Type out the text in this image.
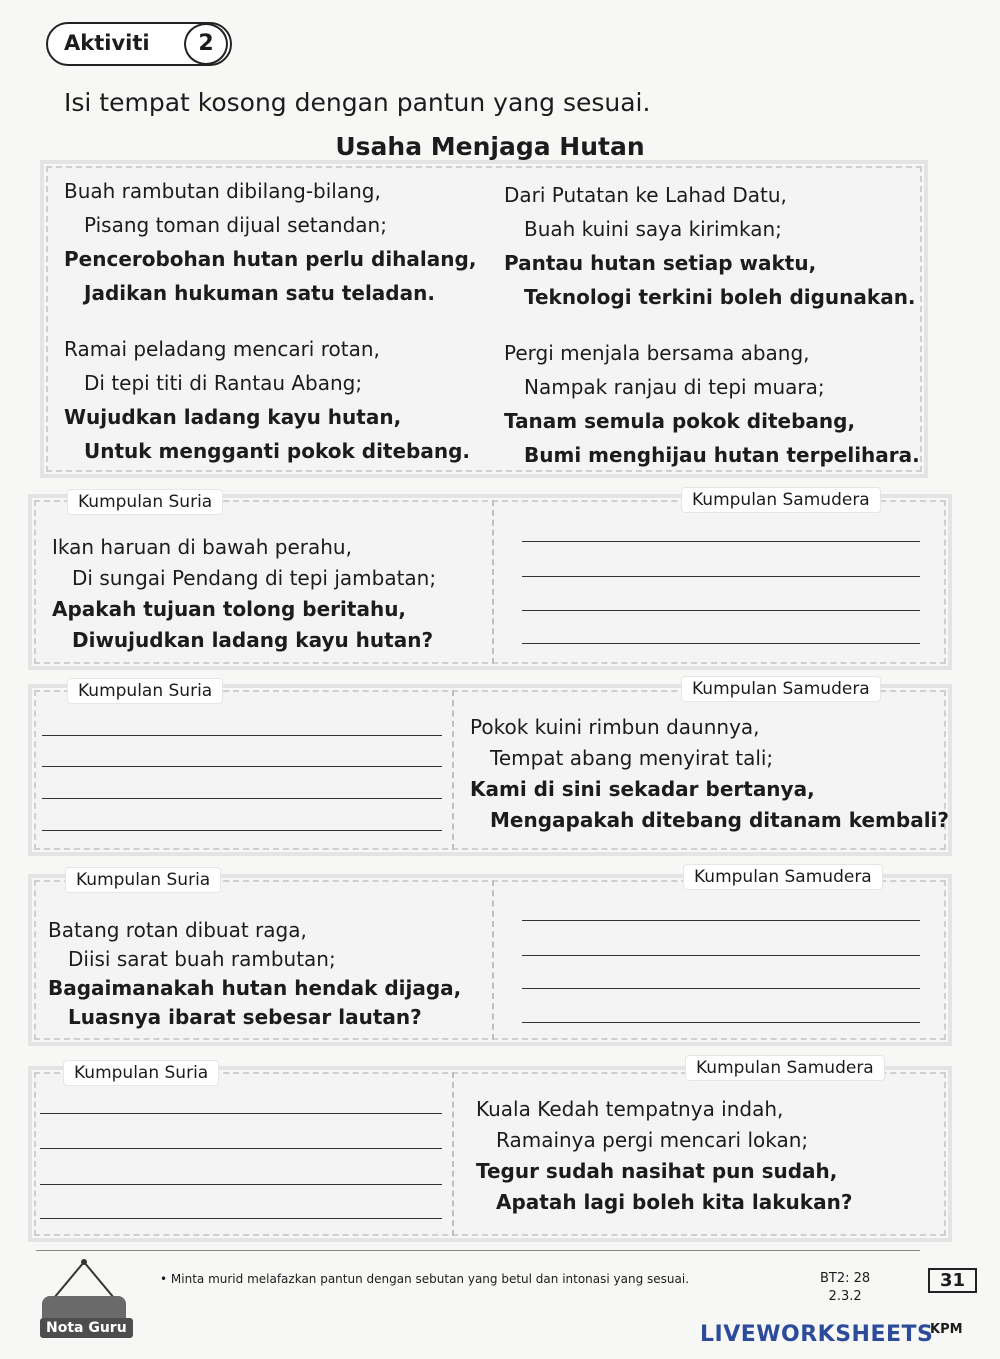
Aktiviti	2
Isi tempat kosong dengan pantun yang sesuai.
Usaha Menjaga Hutan
Buah rambutan dibilang-bilang,
Pisang toman dijual setandan;
Pencerobohan hutan perlu dihalang,
Jadikan hukuman satu teladan.
Dari Putatan ke Lahad Datu,
Buah kuini saya kirimkan;
Pantau hutan setiap waktu,
Teknologi terkini boleh digunakan.
Ramai peladang mencari rotan,
Di tepi titi di Rantau Abang;
Wujudkan ladang kayu hutan,
Untuk mengganti pokok ditebang.
Pergi menjala bersama abang,
Nampak ranjau di tepi muara;
Tanam semula pokok ditebang,
Bumi menghijau hutan terpelihara.
Kumpulan Suria	Kumpulan Samudera
Ikan haruan di bawah perahu,
Di sungai Pendang di tepi jambatan;
Apakah tujuan tolong beritahu,
Diwujudkan ladang kayu hutan?
Kumpulan Suria	Kumpulan Samudera
Pokok kuini rimbun daunnya,
Tempat abang menyirat tali;
Kami di sini sekadar bertanya,
Mengapakah ditebang ditanam kembali?
Kumpulan Suria	Kumpulan Samudera
Batang rotan dibuat raga,
Diisi sarat buah rambutan;
Bagaimanakah hutan hendak dijaga,
Luasnya ibarat sebesar lautan?
Kumpulan Suria	Kumpulan Samudera
Kuala Kedah tempatnya indah,
Ramainya pergi mencari lokan;
Tegur sudah nasihat pun sudah,
Apatah lagi boleh kita lakukan?
Nota Guru
• Minta murid melafazkan pantun dengan sebutan yang betul dan intonasi yang sesuai.	BT2: 28
2.3.2
31
LIVEWORKSHEETS
KPM
